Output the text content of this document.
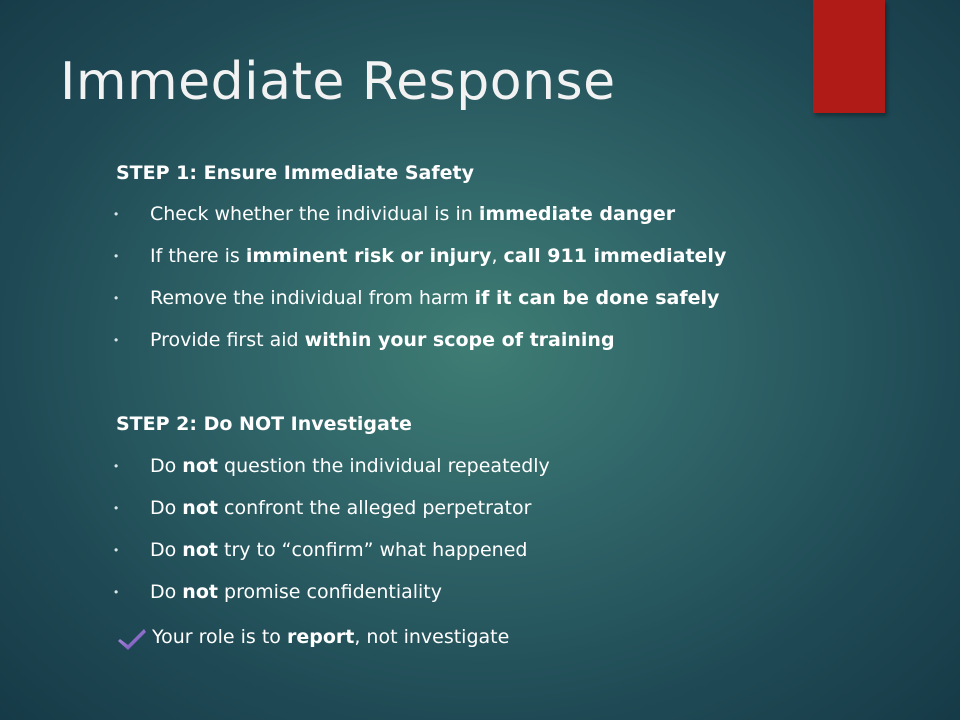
Immediate Response
STEP 1: Ensure Immediate Safety
•	Check whether the individual is in immediate danger
•	If there is imminent risk or injury, call 911 immediately
•	Remove the individual from harm if it can be done safely
•	Provide first aid within your scope of training
STEP 2: Do NOT Investigate
•	Do not question the individual repeatedly
•	Do not confront the alleged perpetrator
•	Do not try to “confirm” what happened
•	Do not promise confidentiality
Your role is to report, not investigate
